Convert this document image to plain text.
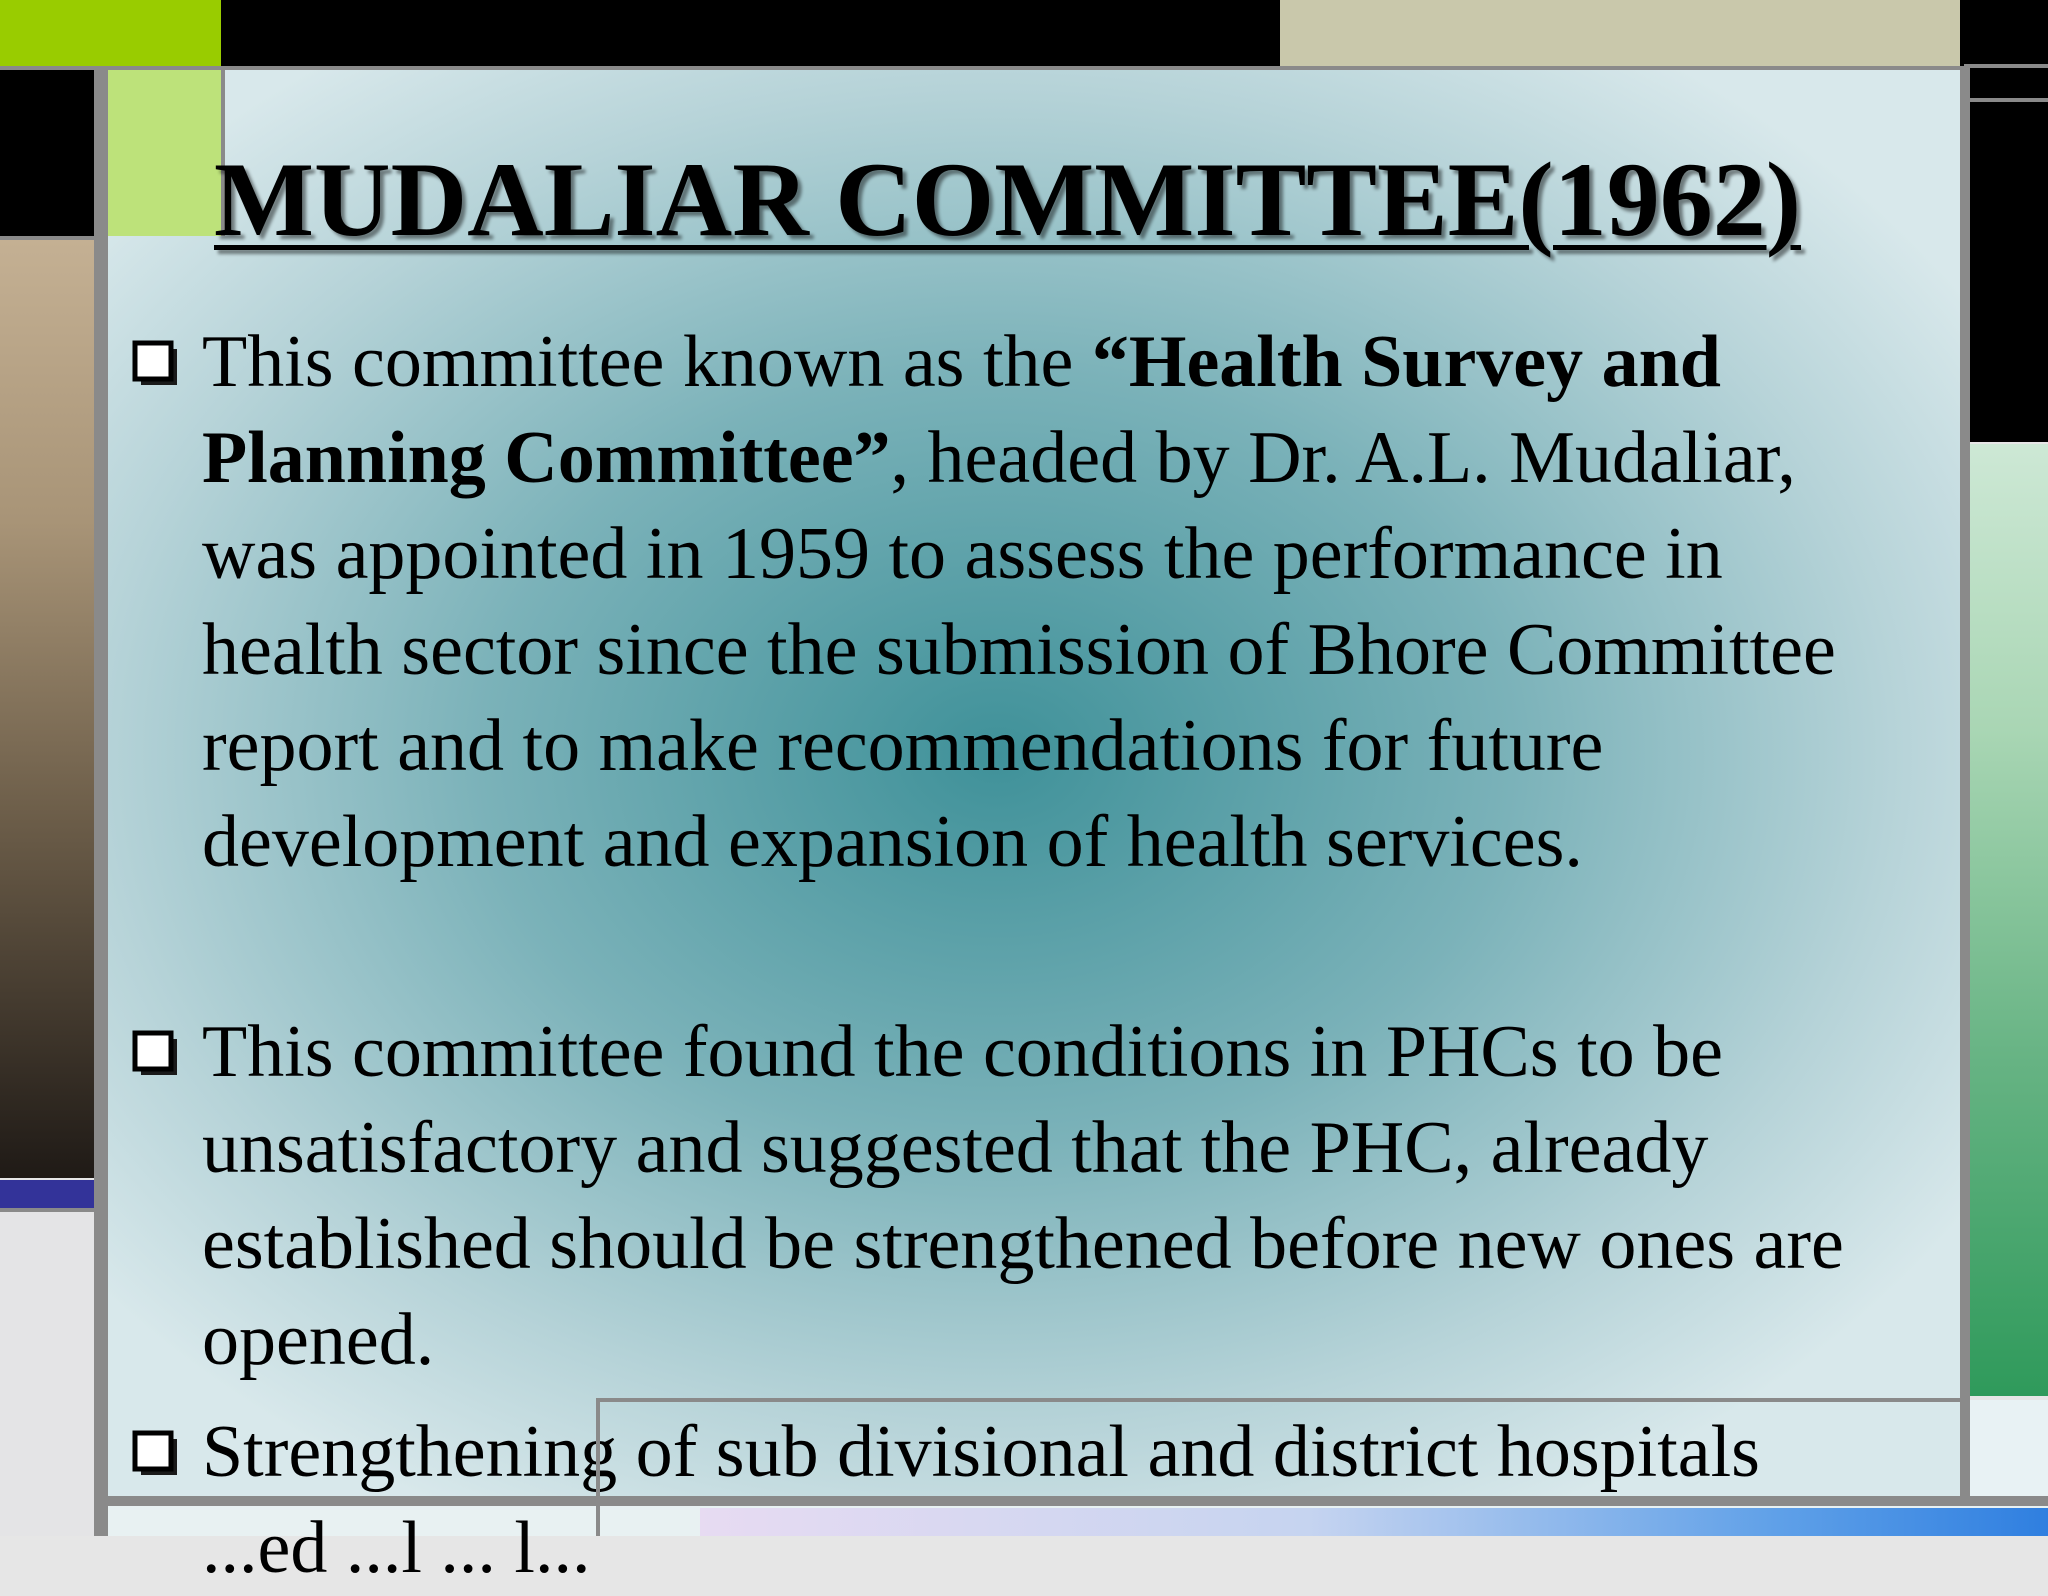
MUDALIAR COMMITTEE(1962)
This committee known as the “Health Survey and Planning Committee”, headed by Dr. A.L. Mudaliar, was appointed in 1959 to assess the performance in health sector since the submission of Bhore Committee report and to make recommendations for future development and expansion of health services.
This committee found the conditions in PHCs to be unsatisfactory and suggested that the PHC, already established should be strengthened before new ones are opened.
Strengthening of sub divisional and district hospitals
...ed ...l ... l...
